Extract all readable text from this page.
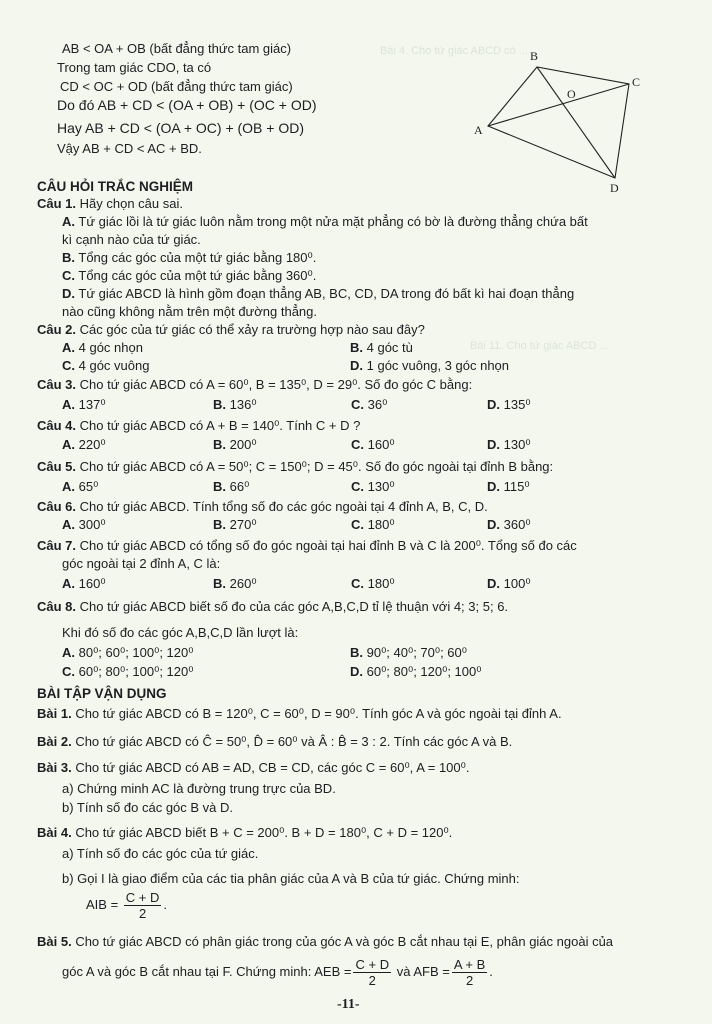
Bài 4. Cho tứ giác ABCD có ...
Bài 11. Cho tứ giác ABCD ...
AB < OA + OB (bất đẳng thức tam giác)
Trong tam giác CDO, ta có
CD < OC + OD (bất đẳng thức tam giác)
Do đó AB + CD < (OA + OB) + (OC + OD)
Hay AB + CD < (OA + OC) + (OB + OD)
Vậy AB + CD < AC + BD.
A
B
C
D
O
CÂU HỎI TRẮC NGHIỆM
Câu 1. Hãy chọn câu sai.
A. Tứ giác lồi là tứ giác luôn nằm trong một nửa mặt phẳng có bờ là đường thẳng chứa bất
kì cạnh nào của tứ giác.
B. Tổng các góc của một tứ giác bằng 180⁰.
C. Tổng các góc của một tứ giác bằng 360⁰.
D. Tứ giác ABCD là hình gồm đoạn thẳng AB, BC, CD, DA trong đó bất kì hai đoạn thẳng
nào cũng không nằm trên một đường thẳng.
Câu 2. Các góc của tứ giác có thể xảy ra trường hợp nào sau đây?
A. 4 góc nhọn	B. 4 góc tù
C. 4 góc vuông	D. 1 góc vuông, 3 góc nhọn
Câu 3. Cho tứ giác ABCD có A = 60⁰, B = 135⁰, D = 29⁰. Số đo góc C bằng:
A. 137⁰	B. 136⁰	C. 36⁰	D. 135⁰
Câu 4. Cho tứ giác ABCD có A + B = 140⁰. Tính C + D ?
A. 220⁰	B. 200⁰	C. 160⁰	D. 130⁰
Câu 5. Cho tứ giác ABCD có A = 50⁰; C = 150⁰; D = 45⁰. Số đo góc ngoài tại đỉnh B bằng:
A. 65⁰	B. 66⁰	C. 130⁰	D. 115⁰
Câu 6. Cho tứ giác ABCD. Tính tổng số đo các góc ngoài tại 4 đỉnh A, B, C, D.
A. 300⁰	B. 270⁰	C. 180⁰	D. 360⁰
Câu 7. Cho tứ giác ABCD có tổng số đo góc ngoài tại hai đỉnh B và C là 200⁰. Tổng số đo các
góc ngoài tại 2 đỉnh A, C là:
A. 160⁰	B. 260⁰	C. 180⁰	D. 100⁰
Câu 8. Cho tứ giác ABCD biết số đo của các góc A,B,C,D tỉ lệ thuận với 4; 3; 5; 6.
Khi đó số đo các góc A,B,C,D lần lượt là:
A. 80⁰; 60⁰; 100⁰; 120⁰	B. 90⁰; 40⁰; 70⁰; 60⁰
C. 60⁰; 80⁰; 100⁰; 120⁰	D. 60⁰; 80⁰; 120⁰; 100⁰
BÀI TẬP VẬN DỤNG
Bài 1. Cho tứ giác ABCD có B = 120⁰, C = 60⁰, D = 90⁰. Tính góc A và góc ngoài tại đỉnh A.
Bài 2. Cho tứ giác ABCD có Ĉ = 50⁰, D̂ = 60⁰ và Â : B̂ = 3 : 2. Tính các góc A và B.
Bài 3. Cho tứ giác ABCD có AB = AD, CB = CD, các góc C = 60⁰, A = 100⁰.
a) Chứng minh AC là đường trung trực của BD.
b) Tính số đo các góc B và D.
Bài 4. Cho tứ giác ABCD biết B + C = 200⁰. B + D = 180⁰, C + D = 120⁰.
a) Tính số đo các góc của tứ giác.
b) Gọi I là giao điểm của các tia phân giác của A và B của tứ giác. Chứng minh:
AIB = $\frac{C + D}{2}$ .
Bài 5. Cho tứ giác ABCD có phân giác trong của góc A và góc B cắt nhau tại E, phân giác ngoài của
góc A và góc B cắt nhau tại F. Chứng minh: AEB = $\frac{C + D}{2}$ và AFB = $\frac{A + B}{2}$ .
-11-
